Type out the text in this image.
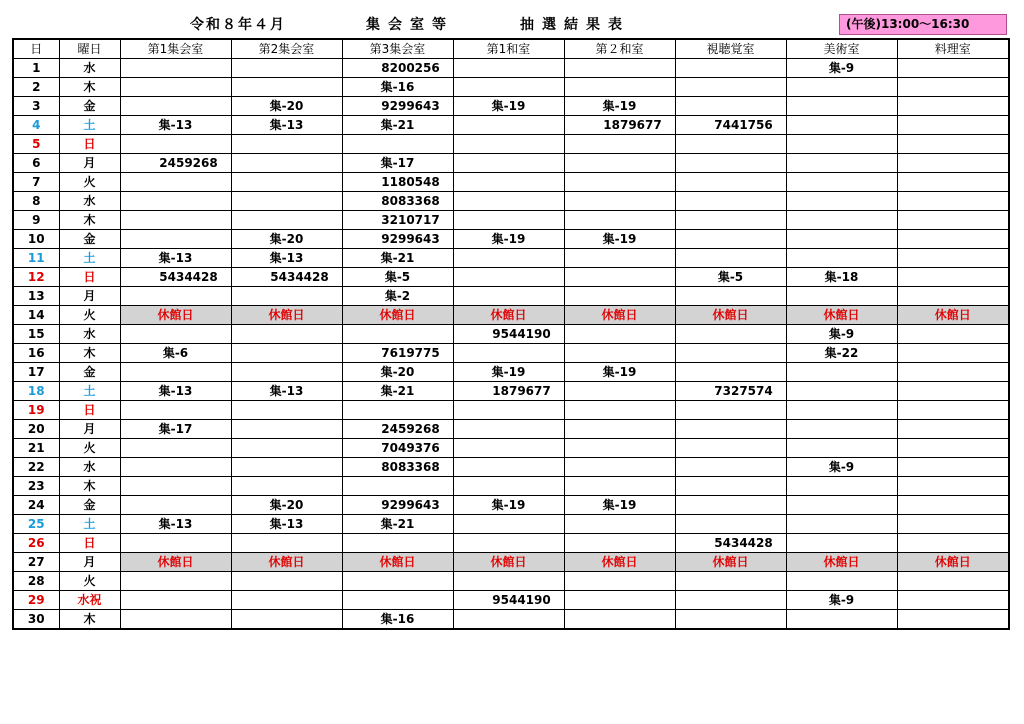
令和８年４月	集会室等	抽選結果表	(午後)13:00～16:30
日	曜日	第1集会室	第2集会室	第3集会室	第1和室	第２和室	視聴覚室	美術室	料理室
1	水			8200256				集-9	
2	木			集-16					
3	金		集-20	9299643	集-19	集-19			
4	土	集-13	集-13	集-21		1879677	7441756		
5	日								
6	月	2459268		集-17					
7	火			1180548					
8	水			8083368					
9	木			3210717					
10	金		集-20	9299643	集-19	集-19			
11	土	集-13	集-13	集-21					
12	日	5434428	5434428	集-5			集-5	集-18	
13	月			集-2					
14	火	休館日	休館日	休館日	休館日	休館日	休館日	休館日	休館日
15	水				9544190			集-9	
16	木	集-6		7619775				集-22	
17	金			集-20	集-19	集-19			
18	土	集-13	集-13	集-21	1879677		7327574		
19	日								
20	月	集-17		2459268					
21	火			7049376					
22	水			8083368				集-9	
23	木								
24	金		集-20	9299643	集-19	集-19			
25	土	集-13	集-13	集-21					
26	日						5434428		
27	月	休館日	休館日	休館日	休館日	休館日	休館日	休館日	休館日
28	火								
29	水祝				9544190			集-9	
30	木			集-16					
